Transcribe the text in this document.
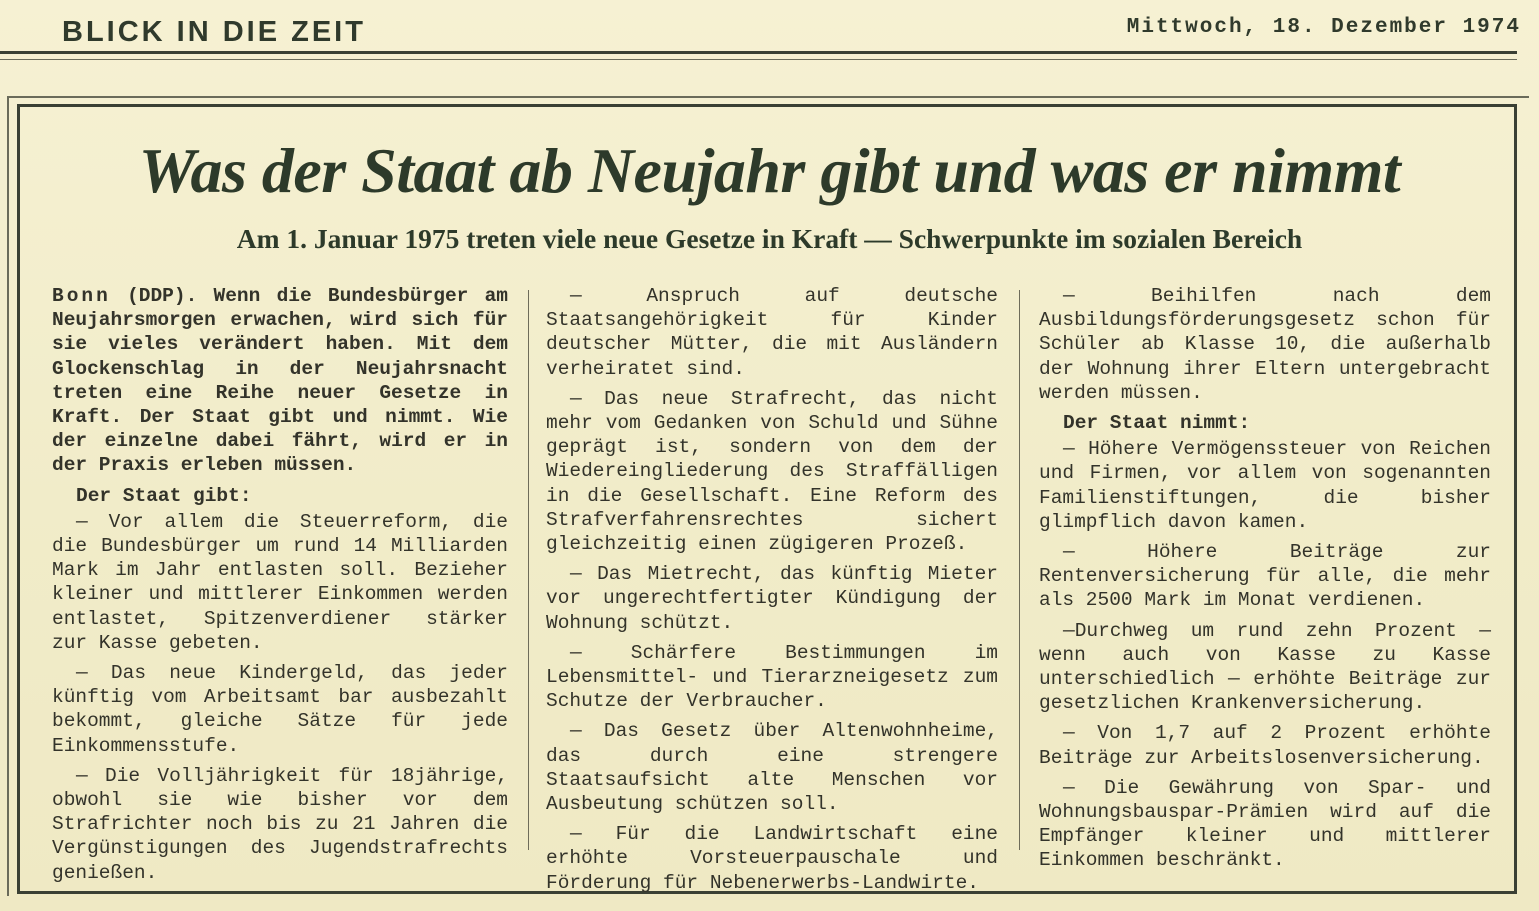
BLICK IN DIE ZEIT	Mittwoch, 18. Dezember 1974
Was der Staat ab Neujahr gibt und was er nimmt
Am 1. Januar 1975 treten viele neue Gesetze in Kraft — Schwerpunkte im sozialen Bereich

Bonn (DDP). Wenn die Bundesbürger am Neujahrsmorgen erwachen, wird sich für sie vieles verändert haben. Mit dem Glockenschlag in der Neujahrsnacht treten eine Reihe neuer Gesetze in Kraft. Der Staat gibt und nimmt. Wie der einzelne dabei fährt, wird er in der Praxis erleben müssen.

Der Staat gibt:

— Vor allem die Steuerreform, die die Bundesbürger um rund 14 Milliarden Mark im Jahr entlasten soll. Bezieher kleiner und mittlerer Einkommen werden entlastet, Spitzenverdiener stärker zur Kasse gebeten.

— Das neue Kindergeld, das jeder künftig vom Arbeitsamt bar ausbezahlt bekommt, gleiche Sätze für jede Einkommensstufe.

— Die Volljährigkeit für 18jährige, obwohl sie wie bisher vor dem Strafrichter noch bis zu 21 Jahren die Vergünstigungen des Jugendstrafrechts genießen.

— Anspruch auf deutsche Staatsangehörigkeit für Kinder deutscher Mütter, die mit Ausländern verheiratet sind.

— Das neue Strafrecht, das nicht mehr vom Gedanken von Schuld und Sühne geprägt ist, sondern von dem der Wiedereingliederung des Straffälligen in die Gesellschaft. Eine Reform des Strafverfahrensrechtes sichert gleichzeitig einen zügigeren Prozeß.

— Das Mietrecht, das künftig Mieter vor ungerechtfertigter Kündigung der Wohnung schützt.

— Schärfere Bestimmungen im Lebensmittel- und Tierarzneigesetz zum Schutze der Verbraucher.

— Das Gesetz über Altenwohnheime, das durch eine strengere Staatsaufsicht alte Menschen vor Ausbeutung schützen soll.

— Für die Landwirtschaft eine erhöhte Vorsteuerpauschale und Förderung für Nebenerwerbs-Landwirte.

— Beihilfen nach dem Ausbildungsförderungsgesetz schon für Schüler ab Klasse 10, die außerhalb der Wohnung ihrer Eltern untergebracht werden müssen.

Der Staat nimmt:

— Höhere Vermögenssteuer von Reichen und Firmen, vor allem von sogenannten Familienstiftungen, die bisher glimpflich davon kamen.

— Höhere Beiträge zur Rentenversicherung für alle, die mehr als 2500 Mark im Monat verdienen.

—Durchweg um rund zehn Prozent — wenn auch von Kasse zu Kasse unterschiedlich — erhöhte Beiträge zur gesetzlichen Krankenversicherung.

— Von 1,7 auf 2 Prozent erhöhte Beiträge zur Arbeitslosenversicherung.

— Die Gewährung von Spar- und Wohnungsbauspar-Prämien wird auf die Empfänger kleiner und mittlerer Einkommen beschränkt.
